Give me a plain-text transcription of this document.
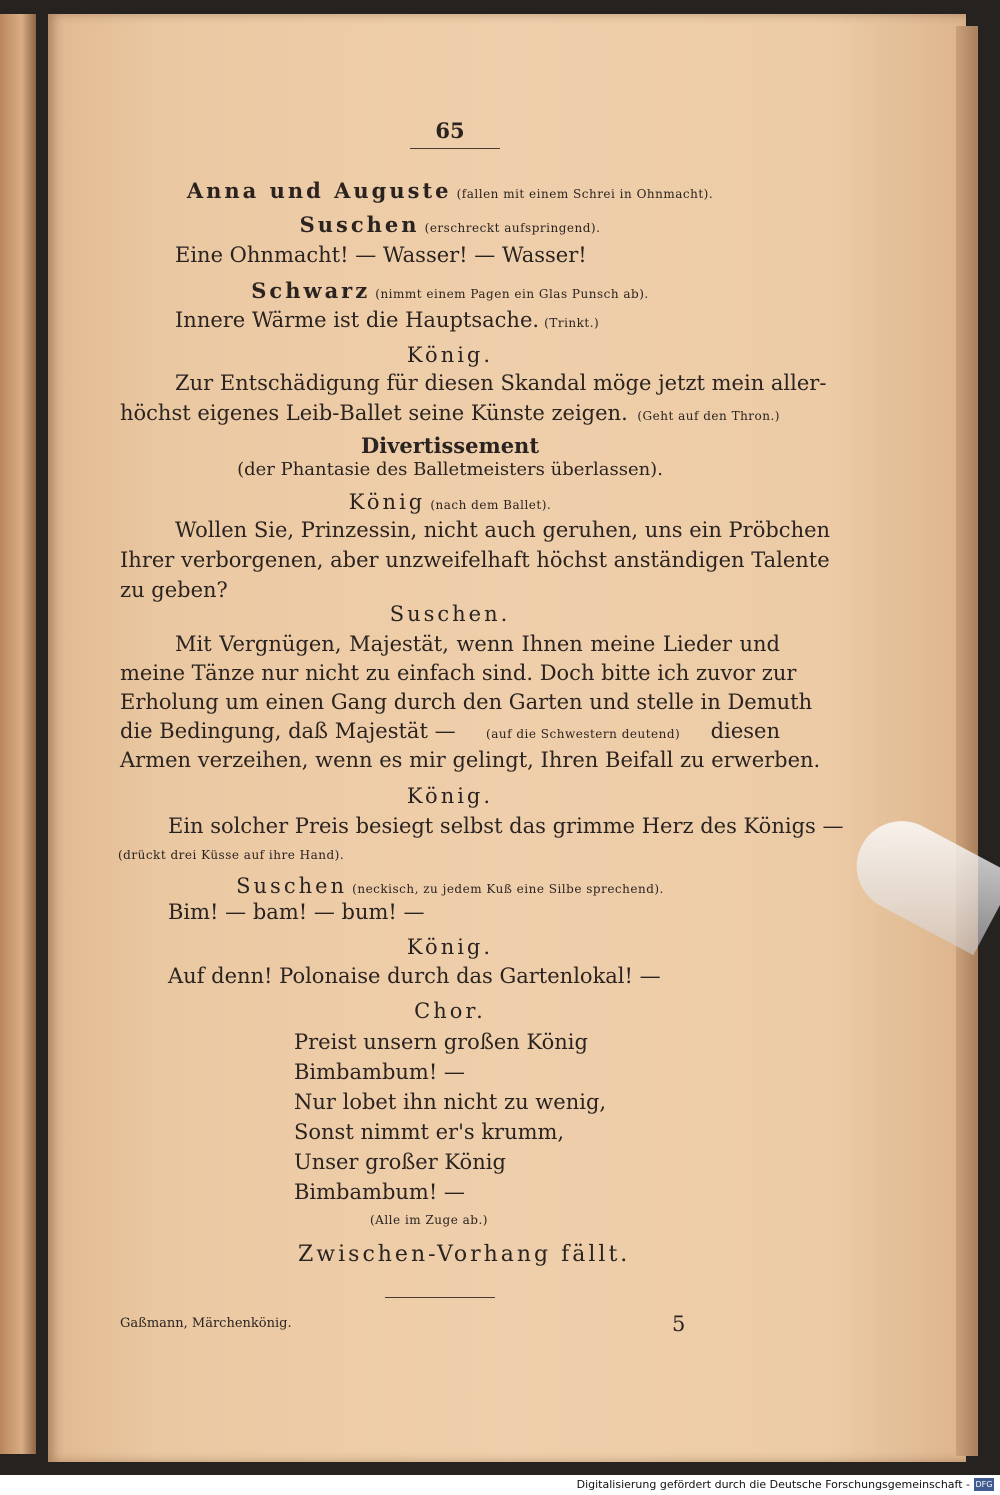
65
Anna und Auguste (fallen mit einem Schrei in Ohnmacht).
Suschen (erschreckt aufspringend).
Eine Ohnmacht! — Wasser! — Wasser!
Schwarz (nimmt einem Pagen ein Glas Punsch ab).
Innere Wärme ist die Hauptsache. (Trinkt.)
König.
Zur Entschädigung für diesen Skandal möge jetzt mein aller-
höchst eigenes Leib-Ballet seine Künste zeigen. (Geht auf den Thron.)
Divertissement
(der Phantasie des Balletmeisters überlassen).
König (nach dem Ballet).
Wollen Sie, Prinzessin, nicht auch geruhen, uns ein Pröbchen
Ihrer verborgenen, aber unzweifelhaft höchst anständigen Talente
zu geben?
Suschen.
Mit Vergnügen, Majestät, wenn Ihnen meine Lieder und
meine Tänze nur nicht zu einfach sind. Doch bitte ich zuvor zur
Erholung um einen Gang durch den Garten und stelle in Demuth
die Bedingung, daß Majestät —	(auf die Schwestern deutend) diesen
Armen verzeihen, wenn es mir gelingt, Ihren Beifall zu erwerben.
König.
Ein solcher Preis besiegt selbst das grimme Herz des Königs —
(drückt drei Küsse auf ihre Hand).
Suschen (neckisch, zu jedem Kuß eine Silbe sprechend).
Bim! — bam! — bum! —
König.
Auf denn! Polonaise durch das Gartenlokal! —
Chor.
Preist unsern großen König
Bimbambum! —
Nur lobet ihn nicht zu wenig,
Sonst nimmt er's krumm,
Unser großer König
Bimbambum! —
(Alle im Zuge ab.)
Zwischen-Vorhang fällt.
Gaßmann, Märchenkönig.	5
Digitalisierung gefördert durch die Deutsche Forschungsgemeinschaft - DFG
